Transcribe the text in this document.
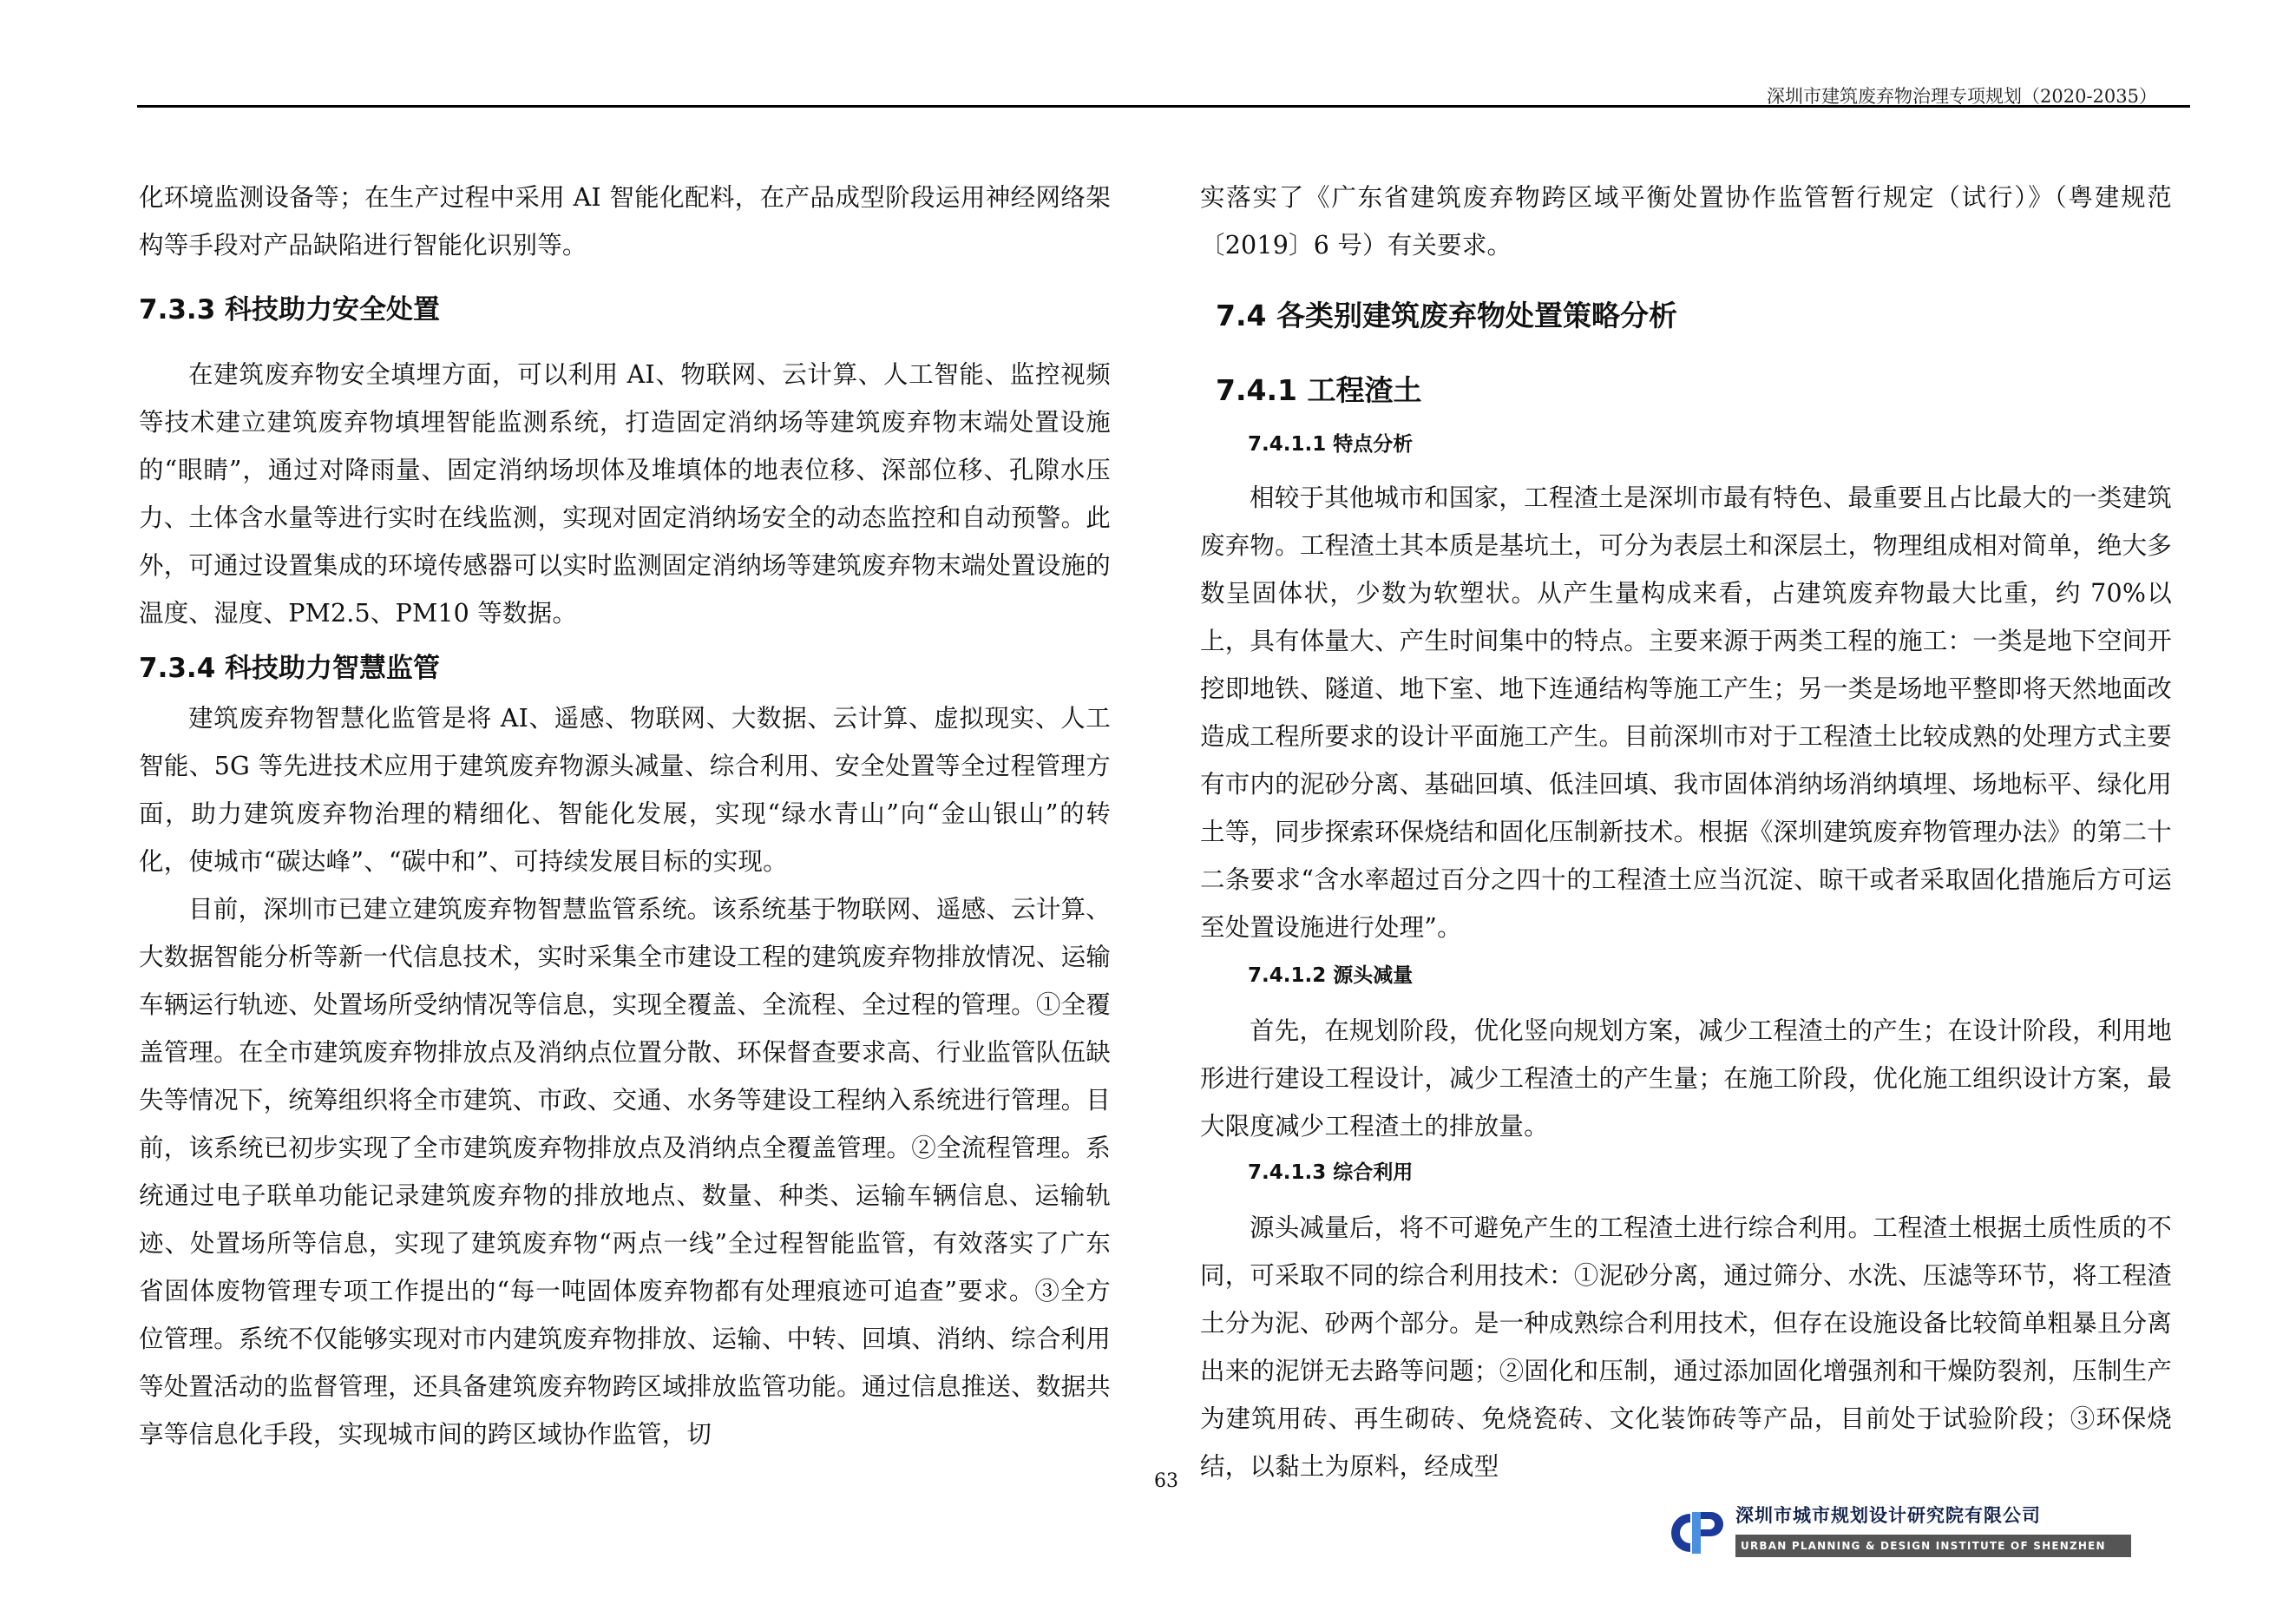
深圳市建筑废弃物治理专项规划（2020-2035）

化环境监测设备等；在生产过程中采用 AI 智能化配料，在产品成型阶段运用神经网络架构等手段对产品缺陷进行智能化识别等。

7.3.3 科技助力安全处置

在建筑废弃物安全填埋方面，可以利用 AI、物联网、云计算、人工智能、监控视频等技术建立建筑废弃物填埋智能监测系统，打造固定消纳场等建筑废弃物末端处置设施的“眼睛”，通过对降雨量、固定消纳场坝体及堆填体的地表位移、深部位移、孔隙水压力、土体含水量等进行实时在线监测，实现对固定消纳场安全的动态监控和自动预警。此外，可通过设置集成的环境传感器可以实时监测固定消纳场等建筑废弃物末端处置设施的温度、湿度、PM2.5、PM10 等数据。

7.3.4 科技助力智慧监管

建筑废弃物智慧化监管是将 AI、遥感、物联网、大数据、云计算、虚拟现实、人工智能、5G 等先进技术应用于建筑废弃物源头减量、综合利用、安全处置等全过程管理方面，助力建筑废弃物治理的精细化、智能化发展，实现“绿水青山”向“金山银山”的转化，使城市“碳达峰”、“碳中和”、可持续发展目标的实现。

目前，深圳市已建立建筑废弃物智慧监管系统。该系统基于物联网、遥感、云计算、大数据智能分析等新一代信息技术，实时采集全市建设工程的建筑废弃物排放情况、运输车辆运行轨迹、处置场所受纳情况等信息，实现全覆盖、全流程、全过程的管理。①全覆盖管理。在全市建筑废弃物排放点及消纳点位置分散、环保督查要求高、行业监管队伍缺失等情况下，统筹组织将全市建筑、市政、交通、水务等建设工程纳入系统进行管理。目前，该系统已初步实现了全市建筑废弃物排放点及消纳点全覆盖管理。②全流程管理。系统通过电子联单功能记录建筑废弃物的排放地点、数量、种类、运输车辆信息、运输轨迹、处置场所等信息，实现了建筑废弃物“两点一线”全过程智能监管，有效落实了广东省固体废物管理专项工作提出的“每一吨固体废弃物都有处理痕迹可追查”要求。③全方位管理。系统不仅能够实现对市内建筑废弃物排放、运输、中转、回填、消纳、综合利用等处置活动的监督管理，还具备建筑废弃物跨区域排放监管功能。通过信息推送、数据共享等信息化手段，实现城市间的跨区域协作监管，切

实落实了《广东省建筑废弃物跨区域平衡处置协作监管暂行规定（试行）》（粤建规范〔2019〕6 号）有关要求。

7.4 各类别建筑废弃物处置策略分析
7.4.1 工程渣土
7.4.1.1 特点分析

相较于其他城市和国家，工程渣土是深圳市最有特色、最重要且占比最大的一类建筑废弃物。工程渣土其本质是基坑土，可分为表层土和深层土，物理组成相对简单，绝大多数呈固体状，少数为软塑状。从产生量构成来看，占建筑废弃物最大比重，约 70%以上，具有体量大、产生时间集中的特点。主要来源于两类工程的施工：一类是地下空间开挖即地铁、隧道、地下室、地下连通结构等施工产生；另一类是场地平整即将天然地面改造成工程所要求的设计平面施工产生。目前深圳市对于工程渣土比较成熟的处理方式主要有市内的泥砂分离、基础回填、低洼回填、我市固体消纳场消纳填埋、场地标平、绿化用土等，同步探索环保烧结和固化压制新技术。根据《深圳建筑废弃物管理办法》的第二十二条要求“含水率超过百分之四十的工程渣土应当沉淀、晾干或者采取固化措施后方可运至处置设施进行处理”。

7.4.1.2 源头减量

首先，在规划阶段，优化竖向规划方案，减少工程渣土的产生；在设计阶段，利用地形进行建设工程设计，减少工程渣土的产生量；在施工阶段，优化施工组织设计方案，最大限度减少工程渣土的排放量。

7.4.1.3 综合利用

源头减量后，将不可避免产生的工程渣土进行综合利用。工程渣土根据土质性质的不同，可采取不同的综合利用技术：①泥砂分离，通过筛分、水洗、压滤等环节，将工程渣土分为泥、砂两个部分。是一种成熟综合利用技术，但存在设施设备比较简单粗暴且分离出来的泥饼无去路等问题；②固化和压制，通过添加固化增强剂和干燥防裂剂，压制生产为建筑用砖、再生砌砖、免烧瓷砖、文化装饰砖等产品，目前处于试验阶段；③环保烧结，以黏土为原料，经成型

63
深圳市城市规划设计研究院有限公司
URBAN PLANNING & DESIGN INSTITUTE OF SHENZHEN
